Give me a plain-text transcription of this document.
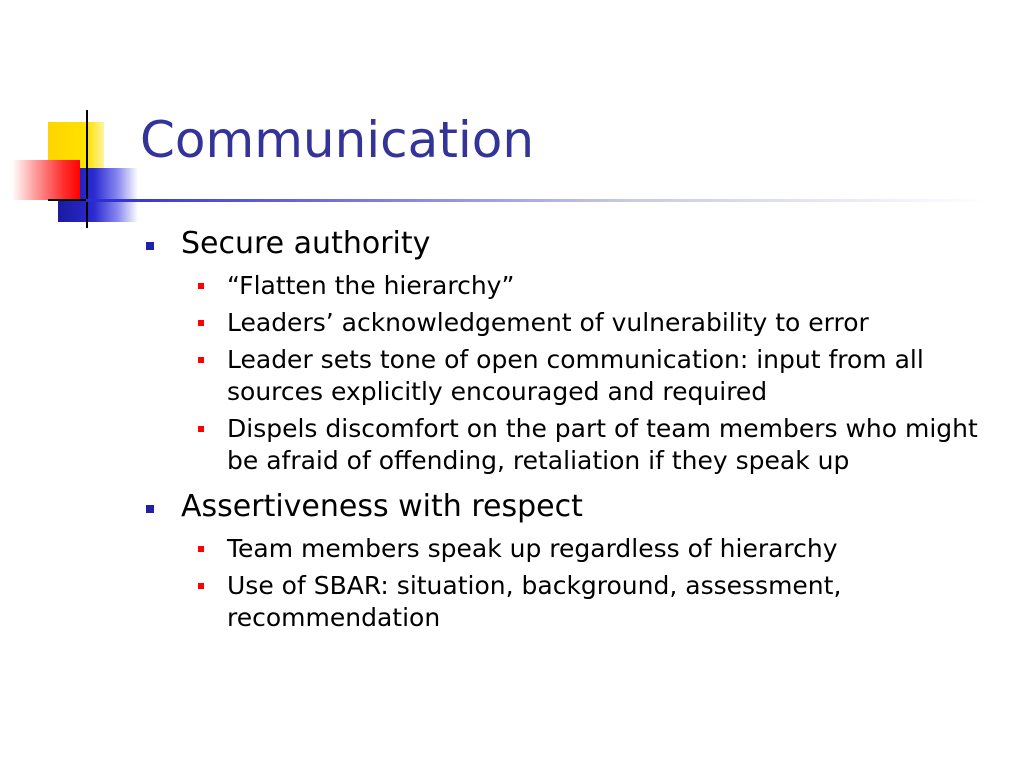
Communication
Secure authority
“Flatten the hierarchy”
Leaders’ acknowledgement of vulnerability to error
Leader sets tone of open communication: input from all sources explicitly encouraged and required
Dispels discomfort on the part of team members who might be afraid of offending, retaliation if they speak up
Assertiveness with respect
Team members speak up regardless of hierarchy
Use of SBAR: situation, background, assessment, recommendation
